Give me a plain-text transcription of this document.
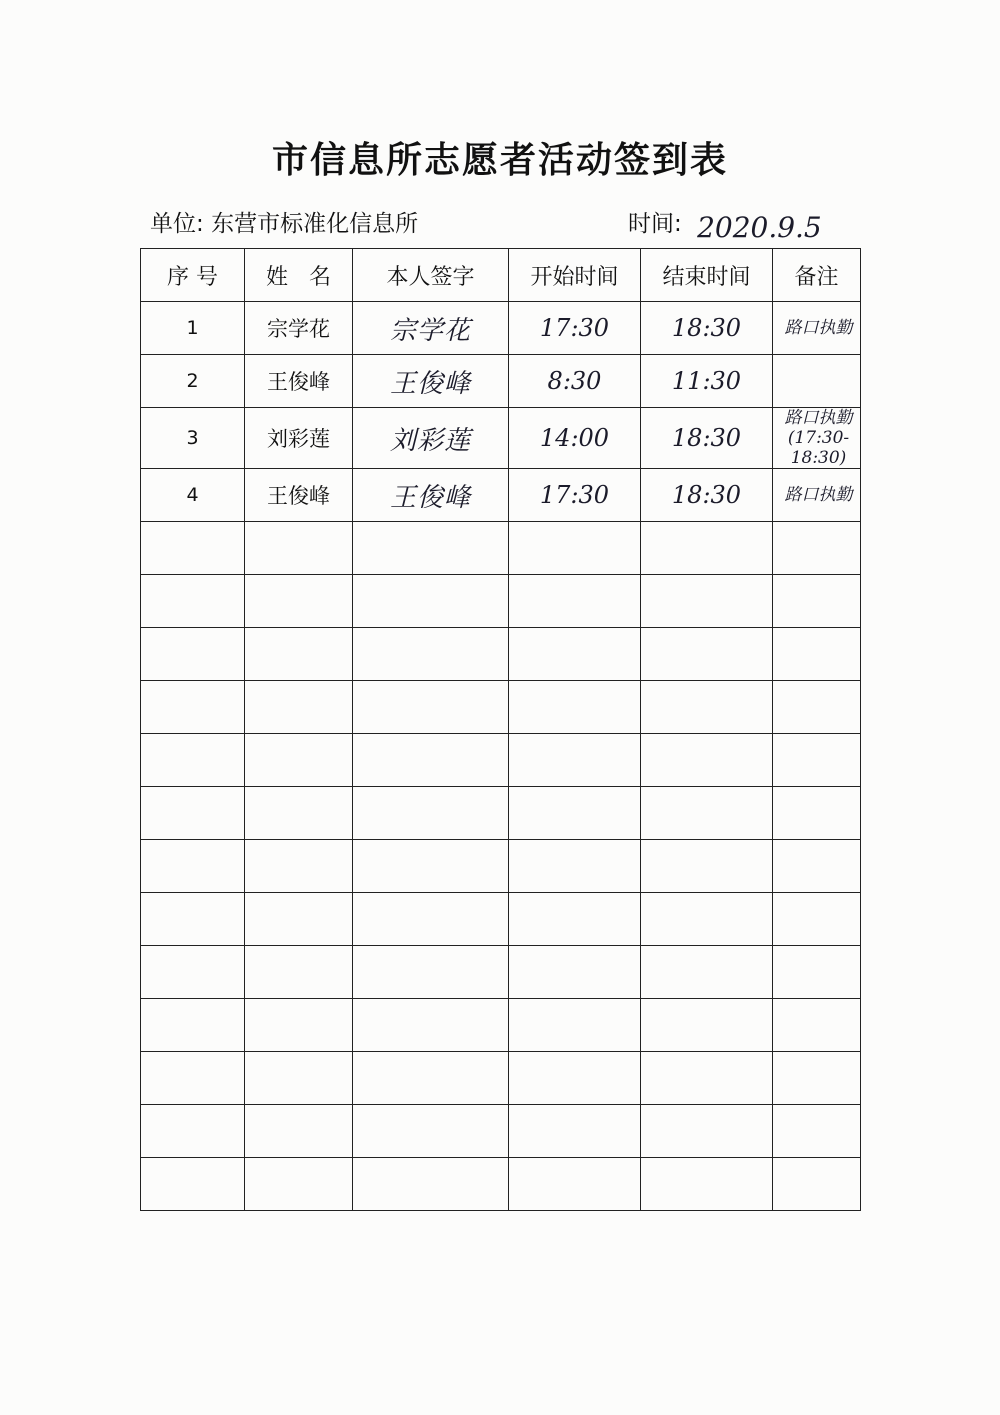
市信息所志愿者活动签到表
单位: 东营市标准化信息所	时间: 2020.9.5
序 号	姓   名	本人签字	开始时间	结束时间	备注
1	宗学花	宗学花	17:30	18:30	路口执勤
2	王俊峰	王俊峰	8:30	11:30	
3	刘彩莲	刘彩莲	14:00	18:30	路口执勤(17:30-18:30)
4	王俊峰	王俊峰	17:30	18:30	路口执勤
